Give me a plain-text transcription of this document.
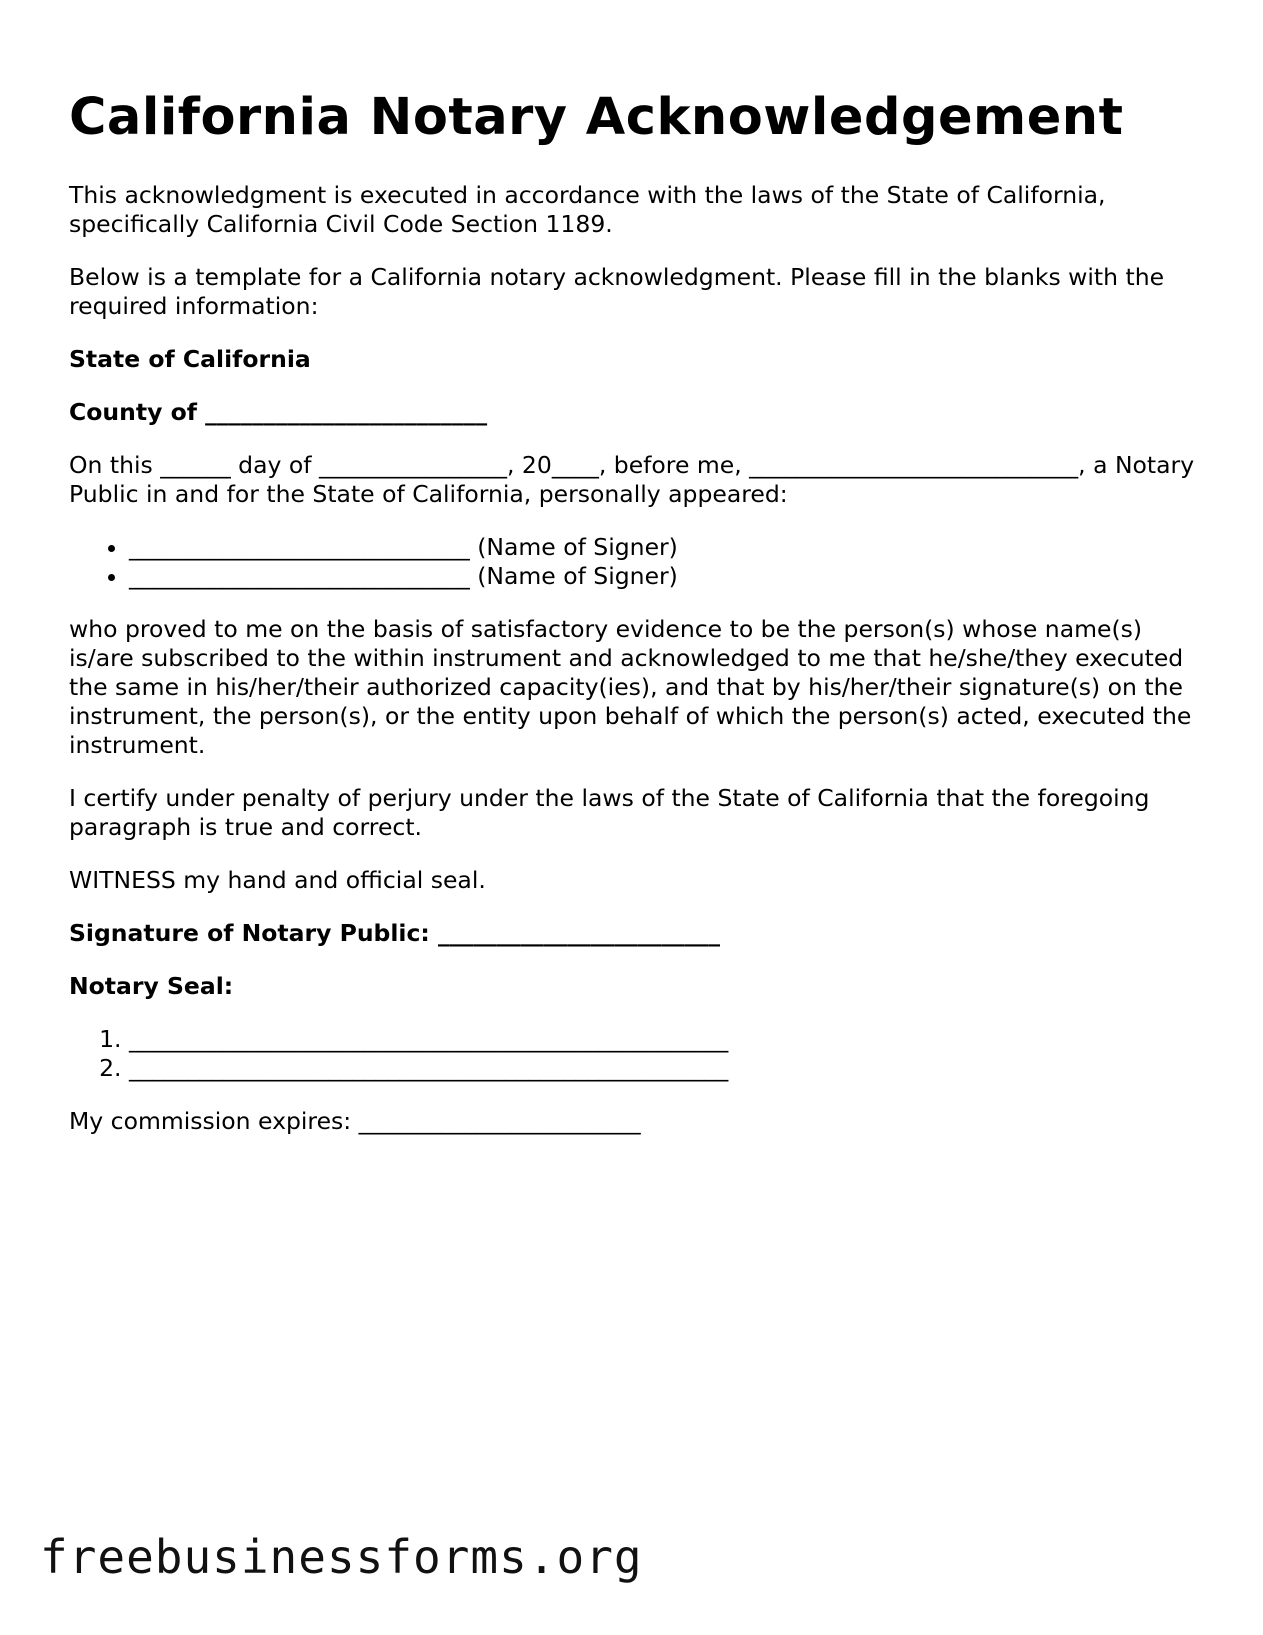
California Notary Acknowledgement

This acknowledgment is executed in accordance with the laws of the State of California, specifically California Civil Code Section 1189.

Below is a template for a California notary acknowledgment. Please fill in the blanks with the required information:

State of California

County of ________________________

On this ______ day of ________________, 20____, before me, ____________________________, a Notary Public in and for the State of California, personally appeared:

• _____________________________ (Name of Signer)
• _____________________________ (Name of Signer)

who proved to me on the basis of satisfactory evidence to be the person(s) whose name(s) is/are subscribed to the within instrument and acknowledged to me that he/she/they executed the same in his/her/their authorized capacity(ies), and that by his/her/their signature(s) on the instrument, the person(s), or the entity upon behalf of which the person(s) acted, executed the instrument.

I certify under penalty of perjury under the laws of the State of California that the foregoing paragraph is true and correct.

WITNESS my hand and official seal.

Signature of Notary Public: ________________________

Notary Seal:

1. ___________________________________________________
2. ___________________________________________________

My commission expires: ________________________

freebusinessforms.org
